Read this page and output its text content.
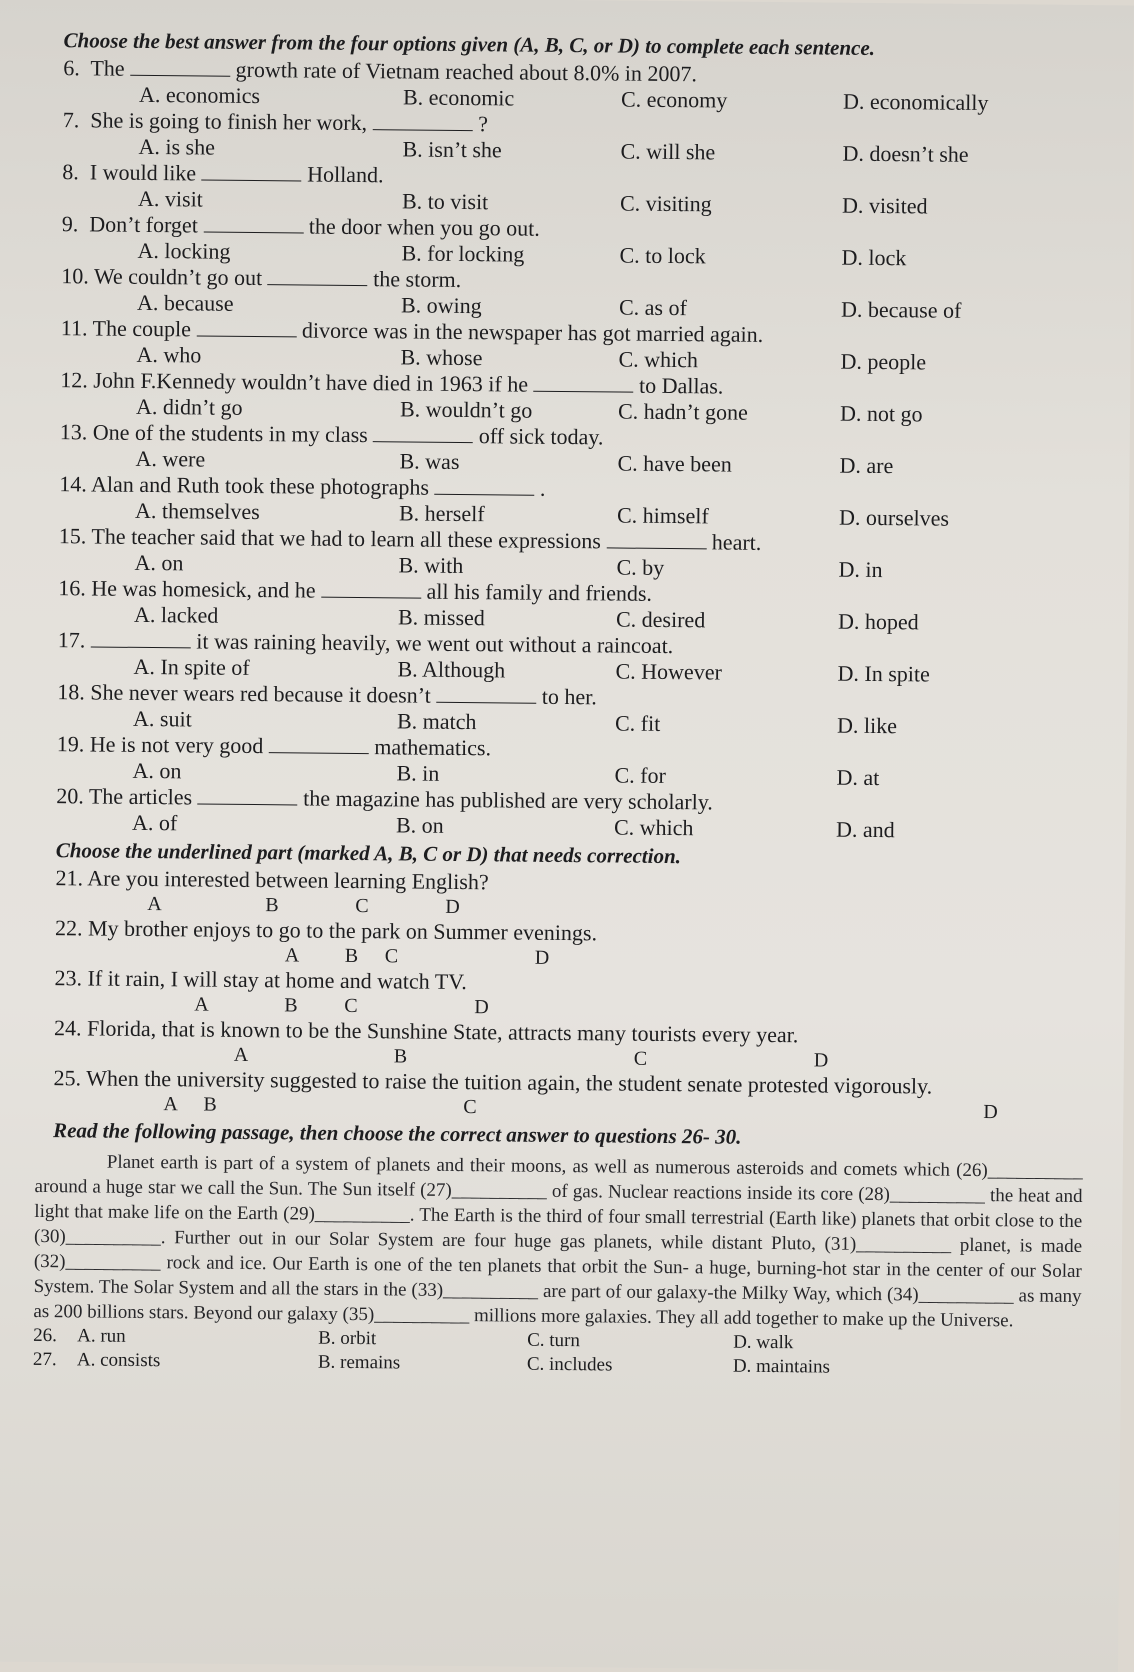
Choose the best answer from the four options given (A, B, C, or D) to complete each sentence.
6.  The	growth rate of Vietnam reached about 8.0% in 2007.
A. economics	B. economic	C. economy	D. economically
7.  She is going to finish her work,	?
A. is she	B. isn’t she	C. will she	D. doesn’t she
8.  I would like	Holland.
A. visit	B. to visit	C. visiting	D. visited
9.  Don’t forget	the door when you go out.
A. locking	B. for locking	C. to lock	D. lock
10. We couldn’t go out	the storm.
A. because	B. owing	C. as of	D. because of
11. The couple	divorce was in the newspaper has got married again.
A. who	B. whose	C. which	D. people
12. John F.Kennedy wouldn’t have died in 1963 if he	to Dallas.
A. didn’t go	B. wouldn’t go	C. hadn’t gone	D. not go
13. One of the students in my class	off sick today.
A. were	B. was	C. have been	D. are
14. Alan and Ruth took these photographs	.
A. themselves	B. herself	C. himself	D. ourselves
15. The teacher said that we had to learn all these expressions	heart.
A. on	B. with	C. by	D. in
16. He was homesick, and he	all his family and friends.
A. lacked	B. missed	C. desired	D. hoped
17.	it was raining heavily, we went out without a raincoat.
A. In spite of	B. Although	C. However	D. In spite
18. She never wears red because it doesn’t	to her.
A. suit	B. match	C. fit	D. like
19. He is not very good	mathematics.
A. on	B. in	C. for	D. at
20. The articles	the magazine has published are very scholarly.
A. of	B. on	C. which	D. and
Choose the underlined part (marked A, B, C or D) that needs correction.
21. Are you interested between learning English?
A	B	C	D
22. My brother enjoys to go to the park on Summer evenings.
A B C	D
23. If it rain, I will stay at home and watch TV.
A	B C	D
24. Florida, that is known to be the Sunshine State, attracts many tourists every year.
A	B	C	D
25. When the university suggested to raise the tuition again, the student senate protested vigorously.
A B	C	D
Read the following passage, then choose the correct answer to questions 26- 30.

Planet earth is part of a system of planets and their moons, as well as numerous asteroids and comets which (26)__________ around a huge star we call the Sun. The Sun itself (27)__________ of gas. Nuclear reactions inside its core (28)__________ the heat and light that make life on the Earth (29)__________. The Earth is the third of four small terrestrial (Earth like) planets that orbit close to the (30)__________. Further out in our Solar System are four huge gas planets, while distant Pluto, (31)__________ planet, is made (32)__________ rock and ice. Our Earth is one of the ten planets that orbit the Sun- a huge, burning-hot star in the center of our Solar System. The Solar System and all the stars in the (33)__________ are part of our galaxy-the Milky Way, which (34)__________ as many as 200 billions stars. Beyond our galaxy (35)__________ millions more galaxies. They all add together to make up the Universe.

26. A. run	B. orbit	C. turn	D. walk
27. A. consists	B. remains	C. includes	D. maintains
